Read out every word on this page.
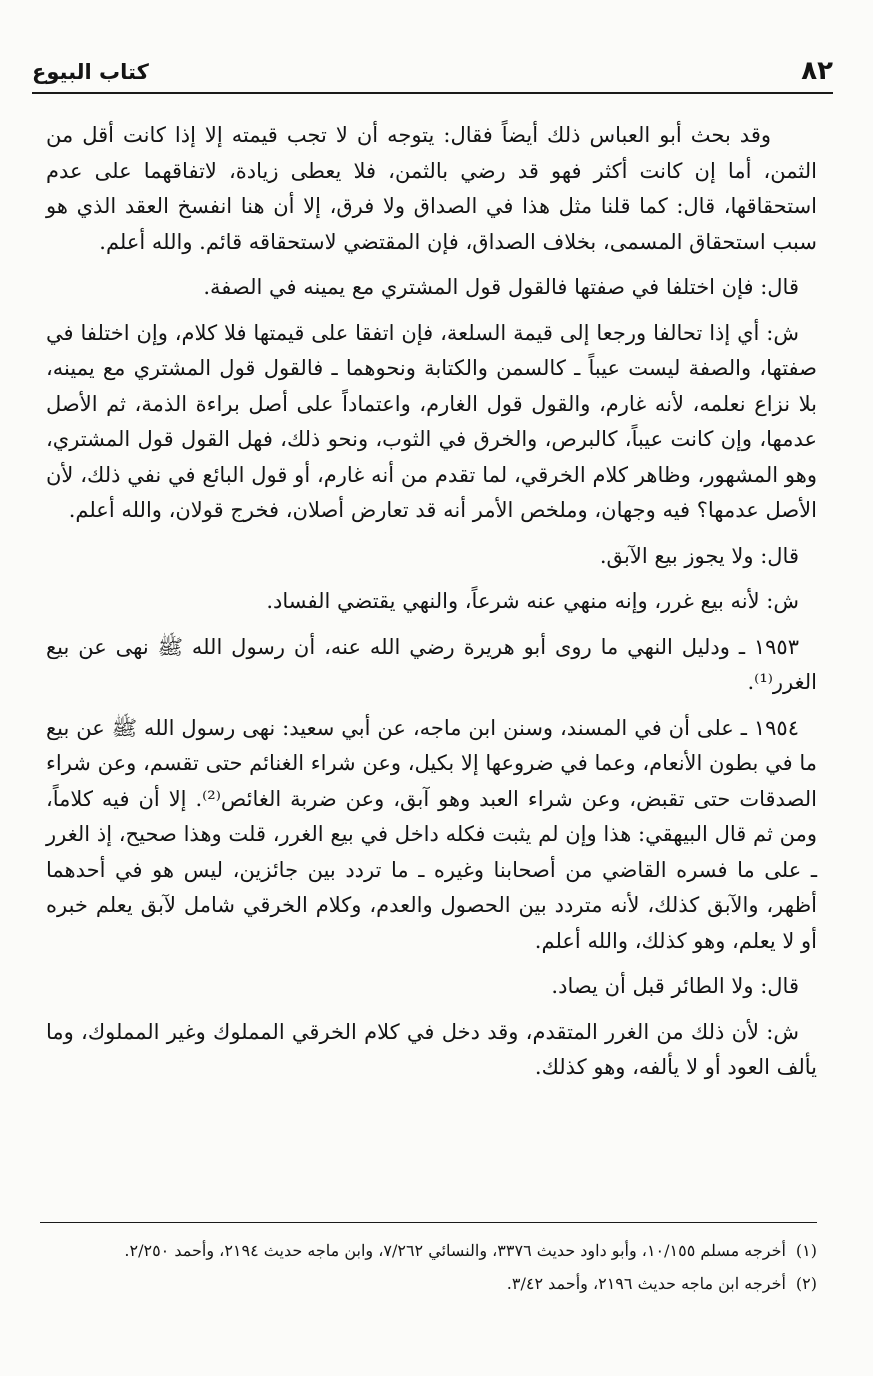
٨٢
كتاب البيوع

وقد بحث أبو العباس ذلك أيضاً فقال: يتوجه أن لا تجب قيمته إلا إذا كانت أقل من الثمن، أما إن كانت أكثر فهو قد رضي بالثمن، فلا يعطى زيادة، لاتفاقهما على عدم استحقاقها، قال: كما قلنا مثل هذا في الصداق ولا فرق، إلا أن هنا انفسخ العقد الذي هو سبب استحقاق المسمى، بخلاف الصداق، فإن المقتضي لاستحقاقه قائم. والله أعلم.

قال: فإن اختلفا في صفتها فالقول قول المشتري مع يمينه في الصفة.

ش: أي إذا تحالفا ورجعا إلى قيمة السلعة، فإن اتفقا على قيمتها فلا كلام، وإن اختلفا في صفتها، والصفة ليست عيباً ـ كالسمن والكتابة ونحوهما ـ فالقول قول المشتري مع يمينه، بلا نزاع نعلمه، لأنه غارم، والقول قول الغارم، واعتماداً على أصل براءة الذمة، ثم الأصل عدمها، وإن كانت عيباً، كالبرص، والخرق في الثوب، ونحو ذلك، فهل القول قول المشتري، وهو المشهور، وظاهر كلام الخرقي، لما تقدم من أنه غارم، أو قول البائع في نفي ذلك، لأن الأصل عدمها؟ فيه وجهان، وملخص الأمر أنه قد تعارض أصلان، فخرج قولان، والله أعلم.

قال: ولا يجوز بيع الآبق.

ش: لأنه بيع غرر، وإنه منهي عنه شرعاً، والنهي يقتضي الفساد.

١٩٥٣ ـ ودليل النهي ما روى أبو هريرة رضي الله عنه، أن رسول الله ﷺ نهى عن بيع الغرر⁽¹⁾.

١٩٥٤ ـ على أن في المسند، وسنن ابن ماجه، عن أبي سعيد: نهى رسول الله ﷺ عن بيع ما في بطون الأنعام، وعما في ضروعها إلا بكيل، وعن شراء الغنائم حتى تقسم، وعن شراء الصدقات حتى تقبض، وعن شراء العبد وهو آبق، وعن ضربة الغائص⁽²⁾. إلا أن فيه كلاماً، ومن ثم قال البيهقي: هذا وإن لم يثبت فكله داخل في بيع الغرر، قلت وهذا صحيح، إذ الغرر ـ على ما فسره القاضي من أصحابنا وغيره ـ ما تردد بين جائزين، ليس هو في أحدهما أظهر، والآبق كذلك، لأنه متردد بين الحصول والعدم، وكلام الخرقي شامل لآبق يعلم خبره أو لا يعلم، وهو كذلك، والله أعلم.

قال: ولا الطائر قبل أن يصاد.

ش: لأن ذلك من الغرر المتقدم، وقد دخل في كلام الخرقي المملوك وغير المملوك، وما يألف العود أو لا يألفه، وهو كذلك.

(١)
أخرجه مسلم ١٠/١٥٥، وأبو داود حديث ٣٣٧٦، والنسائي ٧/٢٦٢، وابن ماجه حديث ٢١٩٤، وأحمد ٢/٢٥٠.
(٢)
أخرجه ابن ماجه حديث ٢١٩٦، وأحمد ٣/٤٢.
